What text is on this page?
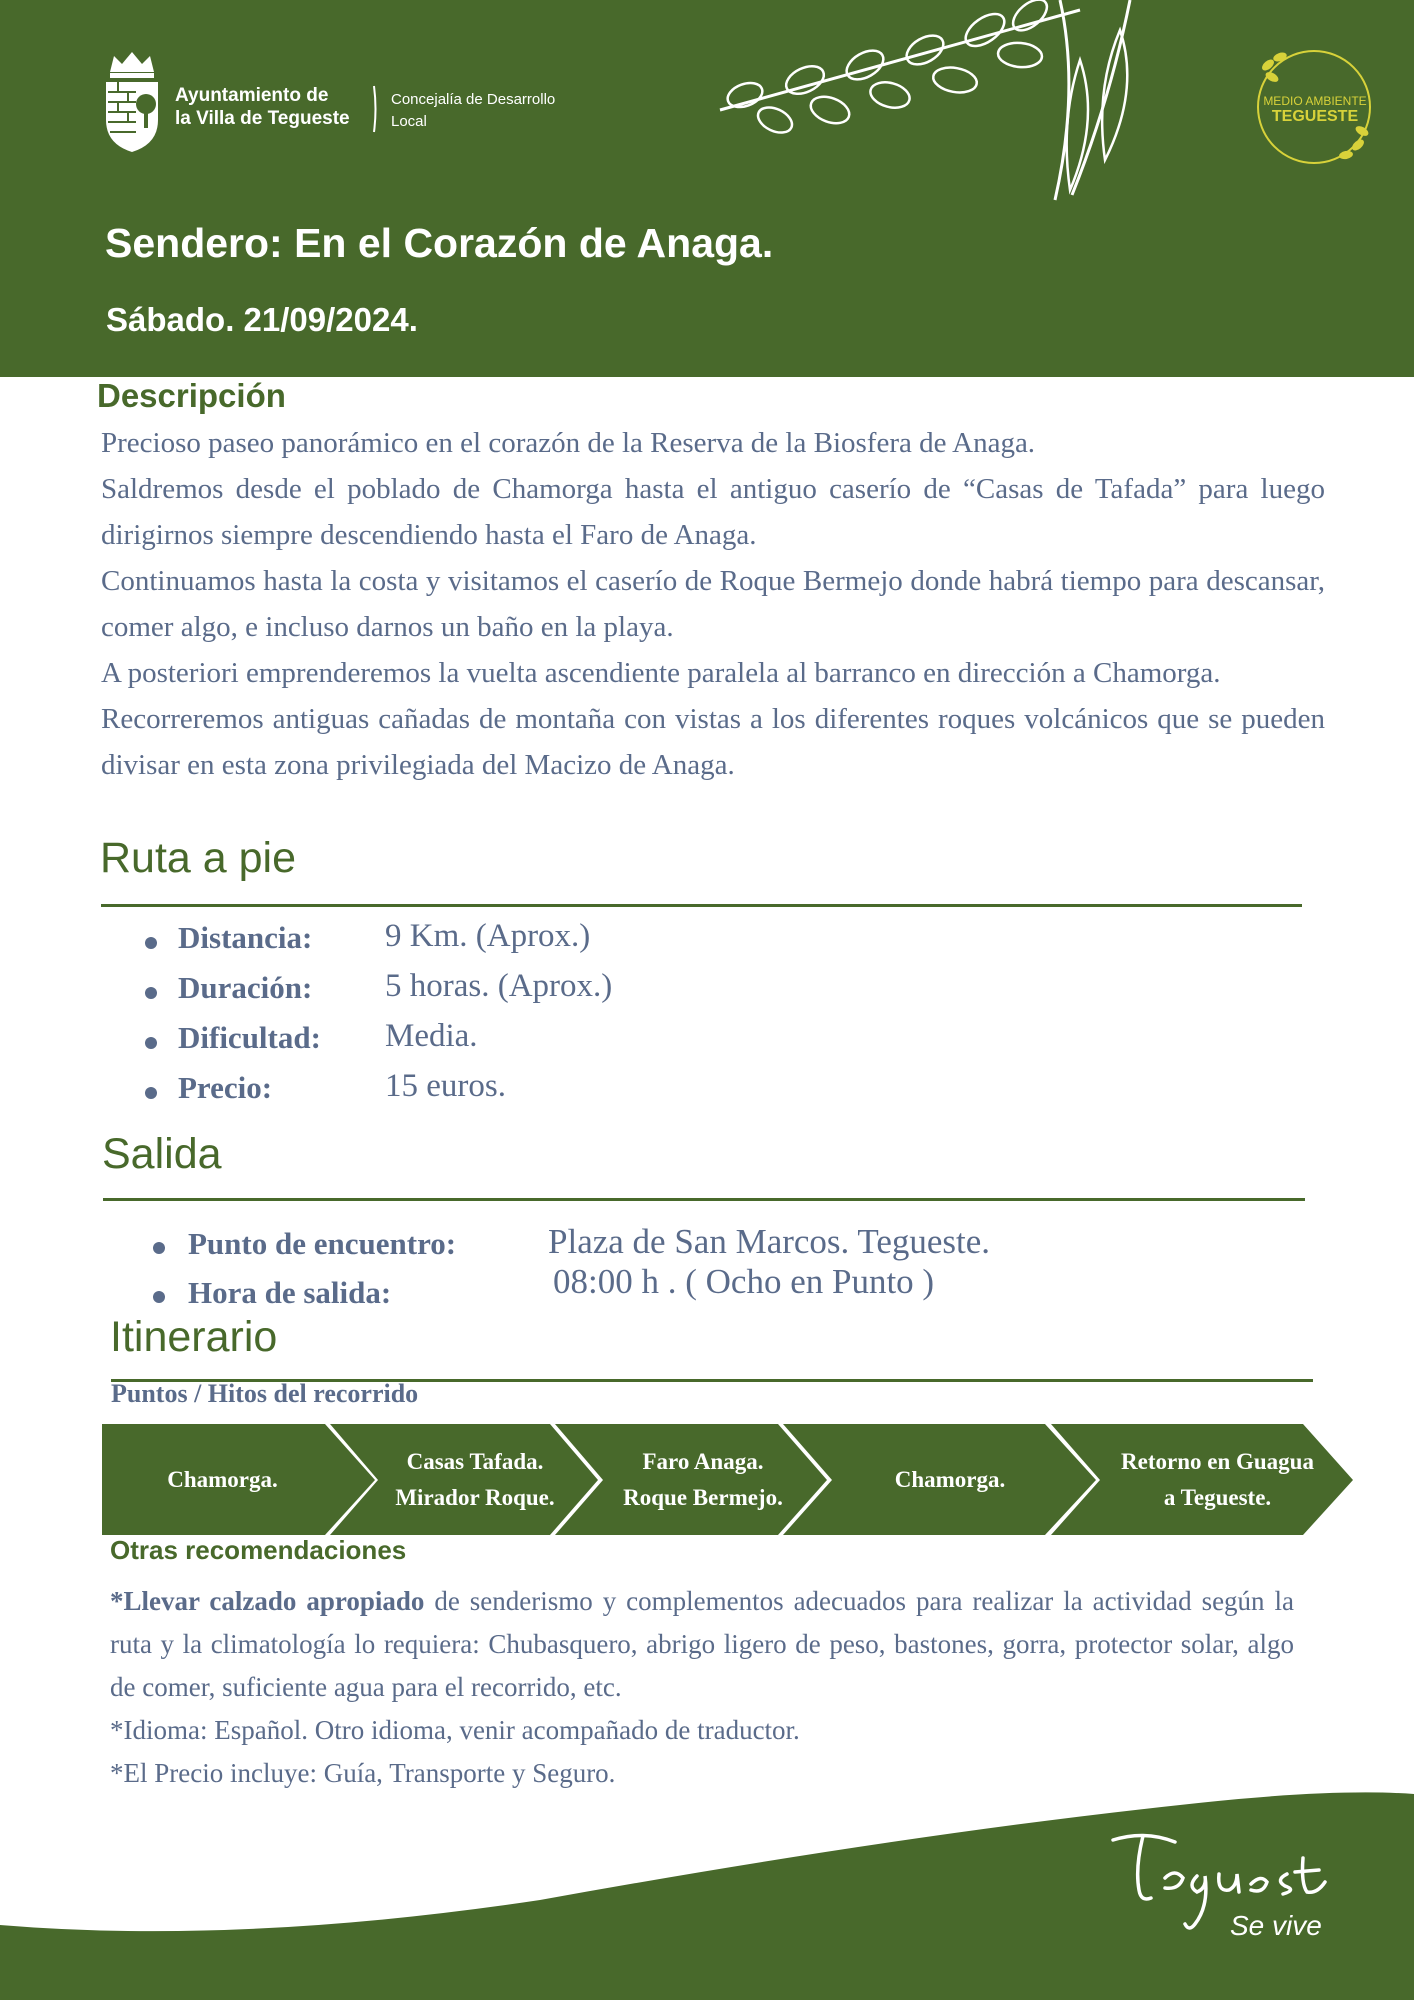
Ayuntamiento de
la Villa de Tegueste
Concejalía de Desarrollo
Local
MEDIO AMBIENTE
TEGUESTE
Sendero: En el Corazón de Anaga.
Sábado. 21/09/2024.
Descripción

Precioso paseo panorámico en el corazón de la Reserva de la Biosfera de Anaga.

Saldremos desde el poblado de Chamorga hasta el antiguo caserío de “Casas de Tafada” para luego dirigirnos siempre descendiendo hasta el Faro de Anaga.

Continuamos hasta la costa y visitamos el caserío de Roque Bermejo donde habrá tiempo para descansar, comer algo, e incluso darnos un baño en la playa.

A posteriori emprenderemos la vuelta ascendiente paralela al barranco en dirección a Chamorga.

Recorreremos antiguas cañadas de montaña con vistas a los diferentes roques volcánicos que se pueden divisar en esta zona privilegiada del Macizo de Anaga.

Ruta a pie
Distancia: 9 Km. (Aprox.)
Duración: 5 horas. (Aprox.)
Dificultad: Media.
Precio:	15 euros.
Salida
Punto de encuentro:	Plaza de San Marcos. Tegueste.
Hora de salida:	08:00 h . ( Ocho en Punto )
Itinerario
Puntos / Hitos del recorrido
Chamorga.
Casas Tafada.
Mirador Roque.
Faro Anaga.
Roque Bermejo.
Chamorga.
Retorno en Guagua
a Tegueste.
Otras recomendaciones

*Llevar calzado apropiado de senderismo y complementos adecuados para realizar la actividad según la ruta y la climatología lo requiera: Chubasquero, abrigo ligero de peso, bastones, gorra, protector solar, algo de comer, suficiente agua para el recorrido, etc.

*Idioma: Español. Otro idioma, venir acompañado de traductor.

*El Precio incluye: Guía, Transporte y Seguro.

Se vive
